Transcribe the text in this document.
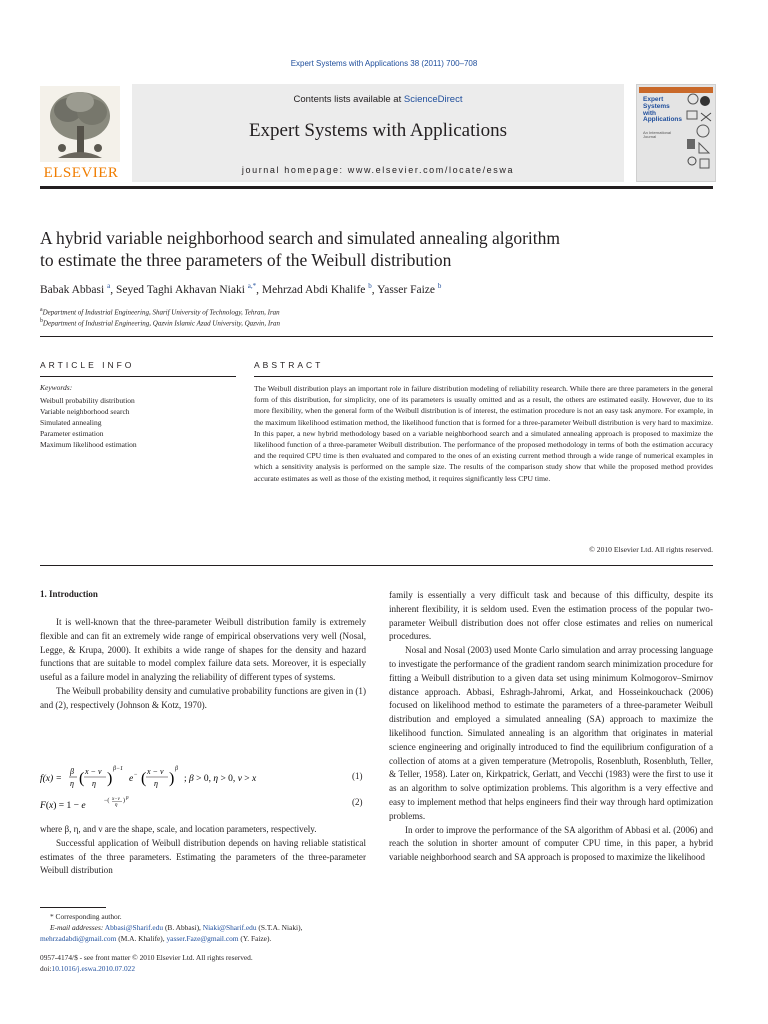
Expert Systems with Applications 38 (2011) 700–708
ELSEVIER
Contents lists available at ScienceDirect
Expert Systems with Applications
journal homepage: www.elsevier.com/locate/eswa
Expert Systems with Applications
An International Journal
A hybrid variable neighborhood search and simulated annealing algorithm
to estimate the three parameters of the Weibull distribution
Babak Abbasi $^a$, Seyed Taghi Akhavan Niaki $^{a,*}$, Mehrzad Abdi Khalife $^b$, Yasser Faize $^b$
$^a$Department of Industrial Engineering, Sharif University of Technology, Tehran, Iran
$^b$Department of Industrial Engineering, Qazvin Islamic Azad University, Qazvin, Iran
ARTICLE INFO	ABSTRACT
Keywords:
Weibull probability distribution
Variable neighborhood search
Simulated annealing
Parameter estimation
Maximum likelihood estimation

The Weibull distribution plays an important role in failure distribution modeling of reliability research. While there are three parameters in the general form of this distribution, for simplicity, one of its parameters is usually omitted and as a result, the others are estimated easily. However, due to its more flexibility, when the general form of the Weibull distribution is of interest, the estimation procedure is not an easy task anymore. For example, in the maximum likelihood estimation method, the likelihood function that is formed for a three-parameter Weibull distribution is very hard to maximize. In this paper, a new hybrid methodology based on a variable neighborhood search and a simulated annealing approach is proposed to maximize the likelihood function of a three-parameter Weibull distribution. The performance of the proposed methodology in terms of both the estimation accuracy and the required CPU time is then evaluated and compared to the ones of an existing current method through a wide range of numerical examples in which a sensitivity analysis is performed on the sample size. The results of the comparison study show that while the proposed method provides accurate estimates as well as those of the existing method, it requires significantly less CPU time.

© 2010 Elsevier Ltd. All rights reserved.
1. Introduction

It is well-known that the three-parameter Weibull distribution family is extremely flexible and can fit an extremely wide range of empirical observations very well (Nosal, Legge, & Krupa, 2000). It exhibits a wide range of shapes for the density and hazard functions that are suitable to model complex failure data sets. Moreover, it is especially useful as a failure model in analyzing the reliability of different types of systems.

The Weibull probability density and cumulative probability functions are given in (1) and (2), respectively (Johnson & Kotz, 1970).

f(x) =
β
η ( x − ν
η )
β−1
e − ( x − ν
η )
β
; β > 0, η > 0, ν > x	(1)
F(x) = 1 − e	−( x−ν
η
) β	(2)

where β, η, and ν are the shape, scale, and location parameters, respectively.

Successful application of Weibull distribution depends on having reliable statistical estimates of the three parameters. Estimating the parameters of the three-parameter Weibull distribution

* Corresponding author.
E-mail addresses: Abbasi@Sharif.edu (B. Abbasi), Niaki@Sharif.edu (S.T.A. Niaki),
mehrzadabdi@gmail.com (M.A. Khalife), yasser.Faze@gmail.com (Y. Faize).
0957-4174/$ - see front matter © 2010 Elsevier Ltd. All rights reserved.
doi:10.1016/j.eswa.2010.07.022

family is essentially a very difficult task and because of this difficulty, despite its inherent flexibility, it is seldom used. Even the estimation process of the popular two-parameter Weibull distribution does not offer close estimates and relies on numerical procedures.

Nosal and Nosal (2003) used Monte Carlo simulation and array processing language to investigate the performance of the gradient random search minimization procedure for fitting a Weibull distribution to a given data set using minimum Kolmogorov–Smirnov distance approach. Abbasi, Eshragh-Jahromi, Arkat, and Hosseinkouchack (2006) focused on likelihood method to estimate the parameters of a three-parameter Weibull distribution and employed a simulated annealing (SA) approach to maximize the likelihood function. Simulated annealing is an algorithm that originates in material science engineering and originally introduced to find the equilibrium configuration of a collection of atoms at a given temperature (Metropolis, Rosenbluth, Rosenbluth, Teller, & Teller, 1958). Later on, Kirkpatrick, Gerlatt, and Vecchi (1983) were the first to use it as an algorithm to solve optimization problems. This algorithm is a very effective and easy to implement method that helps engineers find their way through hard optimization problems.

In order to improve the performance of the SA algorithm of Abbasi et al. (2006) and reach the solution in shorter amount of computer CPU time, in this paper, a hybrid variable neighborhood search and SA approach is proposed to maximize the likelihood
